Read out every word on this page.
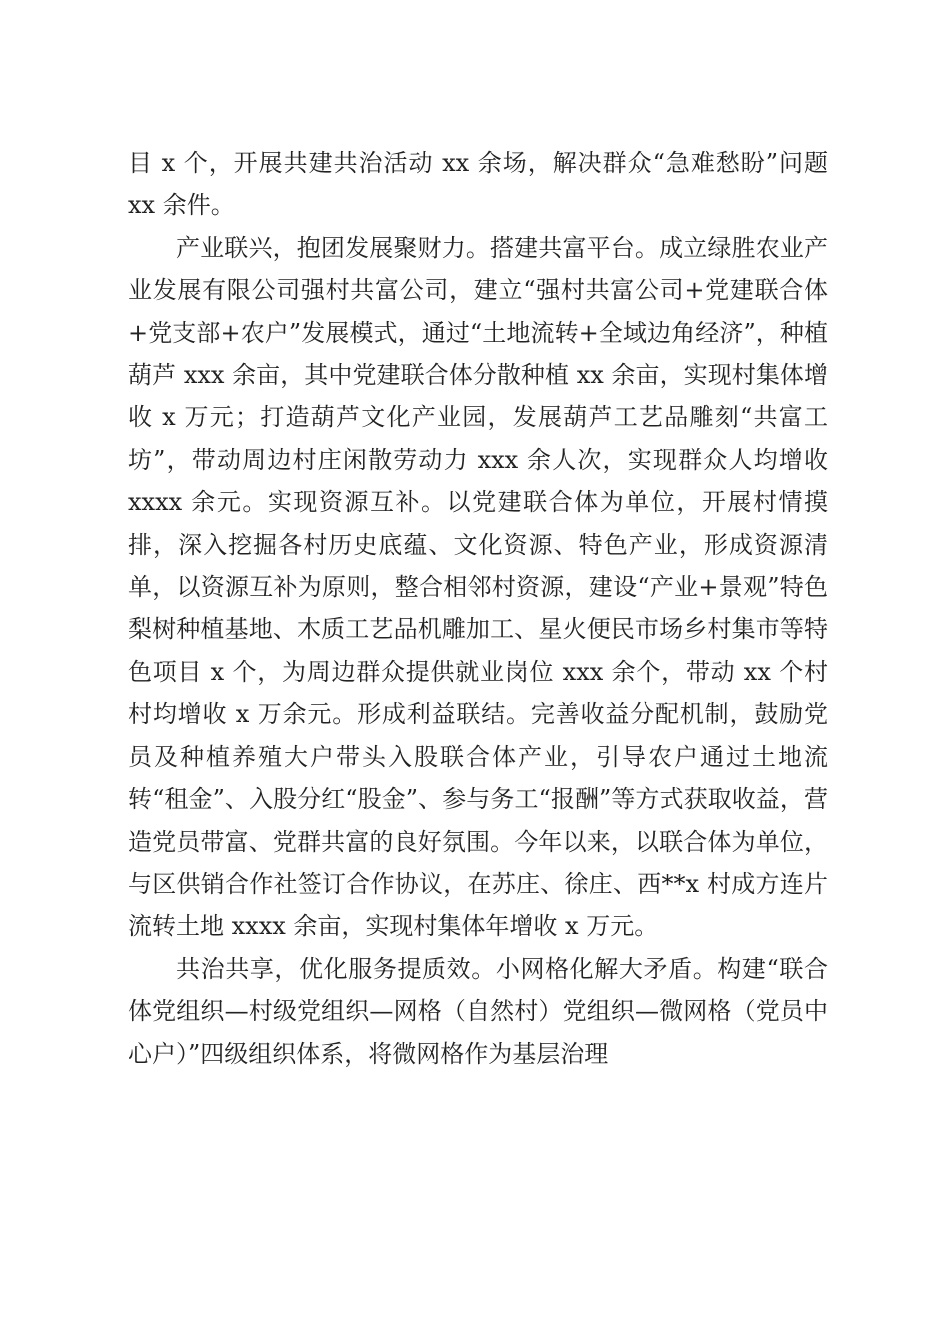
目 x 个，开展共建共治活动 xx 余场，解决群众“急难愁盼”问题 xx 余件。

产业联兴，抱团发展聚财力。搭建共富平台。成立绿胜农业产业发展有限公司强村共富公司，建立“强村共富公司+党建联合体+党支部+农户”发展模式，通过“土地流转+全域边角经济”，种植葫芦 xxx 余亩，其中党建联合体分散种植 xx 余亩，实现村集体增收 x 万元；打造葫芦文化产业园，发展葫芦工艺品雕刻“共富工坊”，带动周边村庄闲散劳动力 xxx 余人次，实现群众人均增收 xxxx 余元。实现资源互补。以党建联合体为单位，开展村情摸排，深入挖掘各村历史底蕴、文化资源、特色产业，形成资源清单，以资源互补为原则，整合相邻村资源，建设“产业+景观”特色梨树种植基地、木质工艺品机雕加工、星火便民市场乡村集市等特色项目 x 个，为周边群众提供就业岗位 xxx 余个，带动 xx 个村村均增收 x 万余元。形成利益联结。完善收益分配机制，鼓励党员及种植养殖大户带头入股联合体产业，引导农户通过土地流转“租金”、入股分红“股金”、参与务工“报酬”等方式获取收益，营造党员带富、党群共富的良好氛围。今年以来，以联合体为单位，与区供销合作社签订合作协议，在苏庄、徐庄、西**x 村成方连片流转土地 xxxx 余亩，实现村集体年增收 x 万元。

共治共享，优化服务提质效。小网格化解大矛盾。构建“联合体党组织—村级党组织—网格（自然村）党组织—微网格（党员中心户）”四级组织体系，将微网格作为基层治理
